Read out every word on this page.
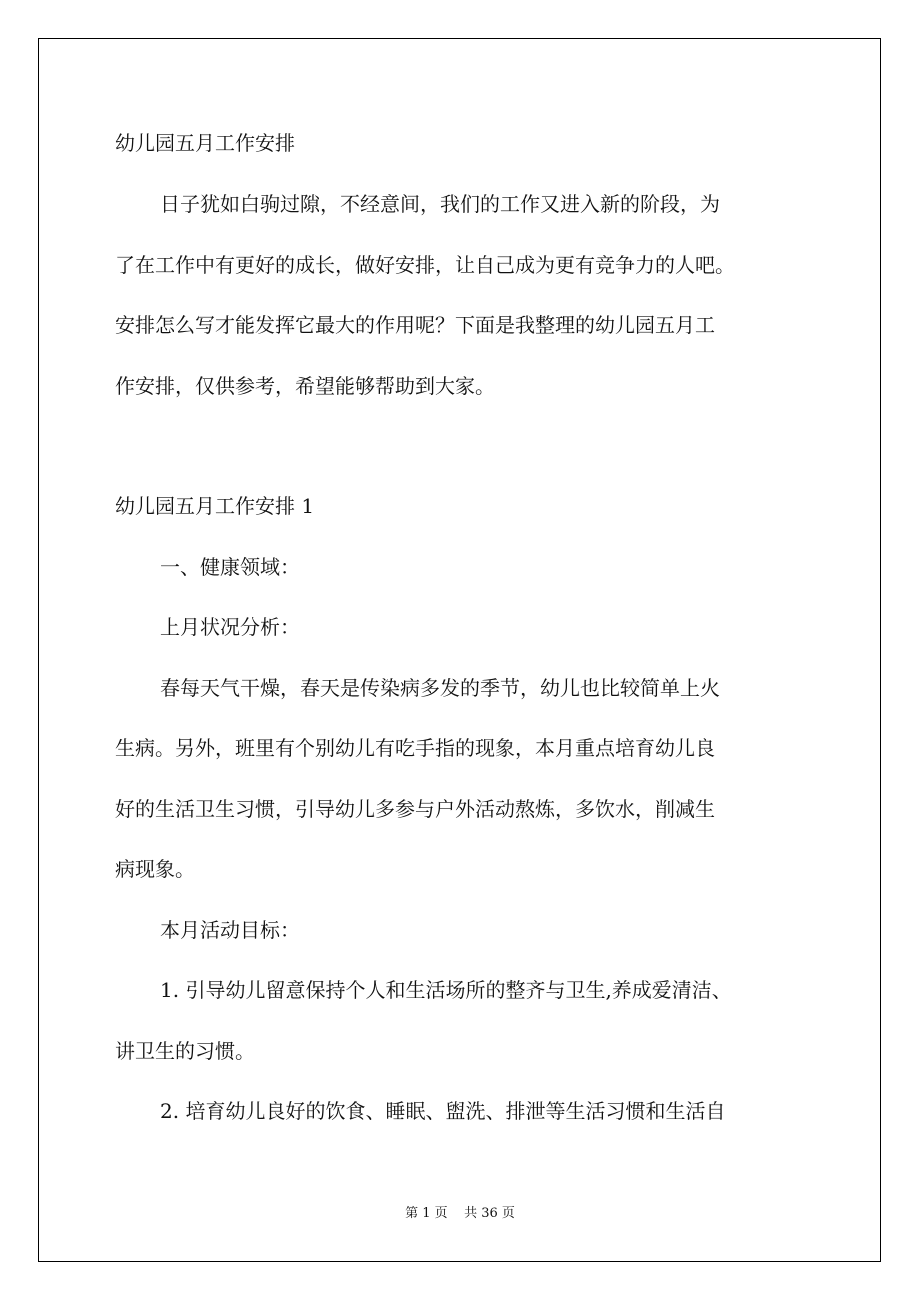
幼儿园五月工作安排

日子犹如白驹过隙，不经意间，我们的工作又进入新的阶段，为

了在工作中有更好的成长，做好安排，让自己成为更有竞争力的人吧。

安排怎么写才能发挥它最大的作用呢？下面是我整理的幼儿园五月工

作安排，仅供参考，希望能够帮助到大家。

幼儿园五月工作安排 1

一、健康领域：

上月状况分析：

春每天气干燥，春天是传染病多发的季节，幼儿也比较简单上火

生病。另外，班里有个别幼儿有吃手指的现象，本月重点培育幼儿良

好的生活卫生习惯，引导幼儿多参与户外活动熬炼，多饮水，削减生

病现象。

本月活动目标：

1. 引导幼儿留意保持个人和生活场所的整齐与卫生,养成爱清洁、

讲卫生的习惯。

2. 培育幼儿良好的饮食、睡眠、盥洗、排泄等生活习惯和生活自

第 1 页    共 36 页
